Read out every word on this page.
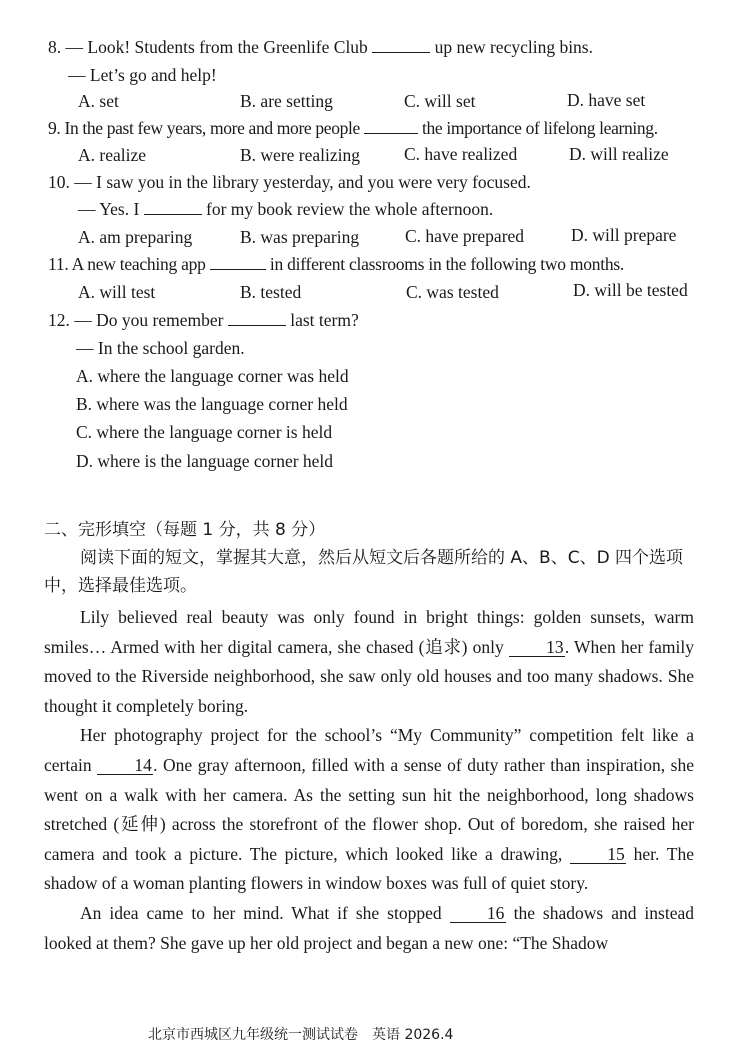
8. — Look! Students from the Greenlife Club	up new recycling bins.
— Let’s go and help!
A. set	B. are setting	C. will set	D. have set
9. In the past few years, more and more people	the importance of lifelong learning.
A. realize	B. were realizing	C. have realized	D. will realize
10. — I saw you in the library yesterday, and you were very focused.
— Yes. I	for my book review the whole afternoon.
A. am preparing	B. was preparing	C. have prepared	D. will prepare
11. A new teaching app	in different classrooms in the following two months.
A. will test	B. tested	C. was tested	D. will be tested
12. — Do you remember	last term?
— In the school garden.
A. where the language corner was held
B. where was the language corner held
C. where the language corner is held
D. where is the language corner held
二、完形填空（每题 1 分，共 8 分）
阅读下面的短文，掌握其大意，然后从短文后各题所给的 A、B、C、D 四个选项中，选择最佳选项。

Lily believed real beauty was only found in bright things: golden sunsets, warm smiles… Armed with her digital camera, she chased (追求) only 13. When her family moved to the Riverside neighborhood, she saw only old houses and too many shadows. She thought it completely boring.

Her photography project for the school’s “My Community” competition felt like a certain 14. One gray afternoon, filled with a sense of duty rather than inspiration, she went on a walk with her camera. As the setting sun hit the neighborhood, long shadows stretched (延伸) across the storefront of the flower shop. Out of boredom, she raised her camera and took a picture. The picture, which looked like a drawing,	15 her. The shadow of a woman planting flowers in window boxes was full of quiet story.

An idea came to her mind. What if she stopped	16 the shadows and instead looked at them? She gave up her old project and began a new one: “The Shadow

北京市西城区九年级统一测试试卷　英语 2026.4
